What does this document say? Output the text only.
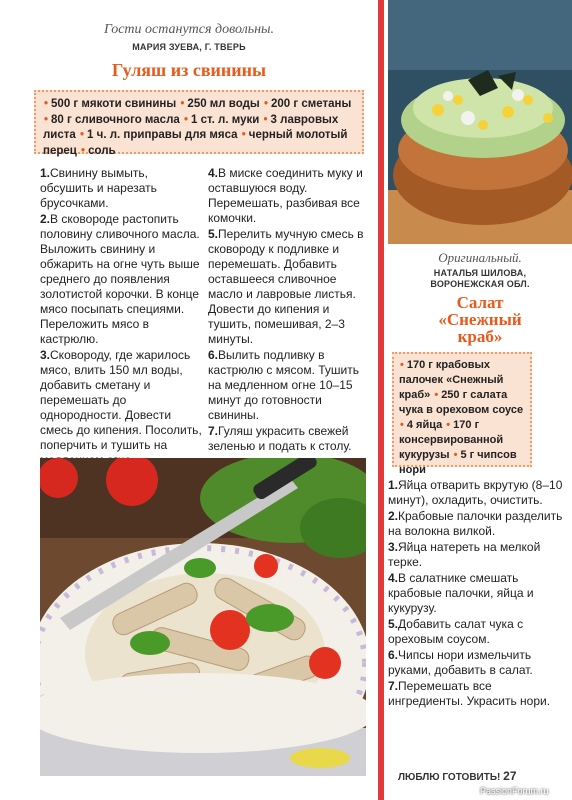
Гости останутся довольны.
МАРИЯ ЗУЕВА, Г. ТВЕРЬ
Гуляш из свинины
• 500 г мякоти свинины • 250 мл воды • 200 г сметаны • 80 г сливочного масла • 1 ст. л. муки • 3 лавровых листа • 1 ч. л. приправы для мяса • черный молотый перец • соль
1.Свинину вымыть, обсушить и нарезать брусочками.
2.В сковороде растопить половину сливочного масла. Выложить свинину и обжарить на огне чуть выше среднего до появления золотистой корочки. В конце мясо посыпать специями. Переложить мясо в кастрюлю.
3.Сковороду, где жарилось мясо, влить 150 мл воды, добавить сметану и перемешать до однородности. Довести смесь до кипения. Посолить, поперчить и тушить на
4.В миске соединить муку и оставшуюся воду. Перемешать, разбивая все комочки.
5.Перелить мучную смесь в сковороду к подливке и перемешать. Добавить оставшееся сливочное масло и лавровые листья. Довести до кипения и тушить, помешивая, 2–3 минуты.
6.Вылить подливку в кастрюлю с мясом. Тушить на медленном огне 10–15 минут до готовности свинины.
7.Гуляш украсить свежей зеленью и подать к столу.
Оригинальный.
НАТАЛЬЯ ШИЛОВА,
ВОРОНЕЖСКАЯ ОБЛ.
Салат
«Снежный
краб»
• 170 г крабовых палочек «Снежный краб» • 250 г салата чука в ореховом соусе • 4 яйца • 170 г консервированной кукурузы • 5 г чипсов нори
1.Яйца отварить вкрутую (8–10 минут), охладить, очистить.
2.Крабовые палочки разделить на волокна вилкой.
3.Яйца натереть на мелкой терке.
4.В салатнике смешать крабовые палочки, яйца и кукурузу.
5.Добавить салат чука с ореховым соусом.
6.Чипсы нори измельчить руками, добавить в салат.
7.Перемешать все ингредиенты. Украсить нори.
ЛЮБЛЮ ГОТОВИТЬ! 27
PassionForum.ru
